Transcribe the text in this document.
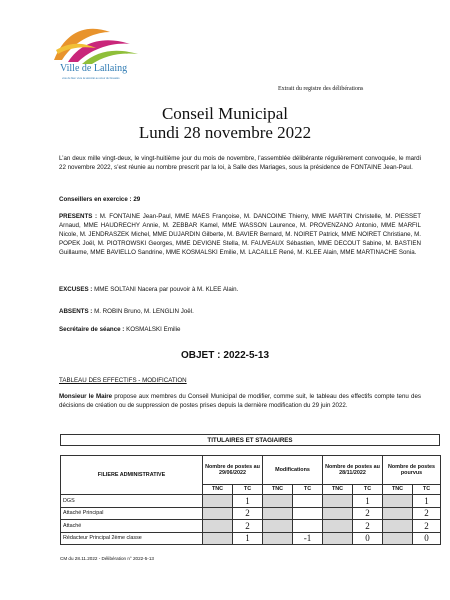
Ville de Lallaing
voie du bien vivre la sérénité au cœur du Douaisis
Extrait du registre des délibérations
Conseil Municipal
Lundi 28 novembre 2022
L’an deux mille vingt-deux, le vingt-huitième jour du mois de novembre, l’assemblée délibérante régulièrement convoquée, le mardi 22 novembre 2022, s’est réunie au nombre prescrit par la loi, à Salle des Mariages, sous la présidence de FONTAINE Jean-Paul.
Conseillers en exercice : 29
PRESENTS : M. FONTAINE Jean-Paul, MME MAES Françoise, M. DANCOINE Thierry, MME MARTIN Christelle, M. PIESSET Arnaud, MME HAUDRECHY Annie, M. ZEBBAR Kamel, MME WASSON Laurence, M. PROVENZANO Antonio, MME MARFIL Nicole, M. JENDRASZEK Michel, MME DUJARDIN Gilberte, M. BAVIER Bernard, M. NOIRET Patrick, MME NOIRET Christiane, M. POPEK Joël, M. PIOTROWSKI Georges, MME DEVIGNE Stella, M. FAUVEAUX Sébastien, MME DECOUT Sabine, M. BASTIEN Guillaume, MME BAVIELLO Sandrine, MME KOSMALSKI Emilie, M. LACAILLE René, M. KLEE Alain, MME MARTINACHE Sonia.
EXCUSES : MME SOLTANI Nacera par pouvoir à M. KLEE Alain.
ABSENTS : M. ROBIN Bruno, M. LENGLIN Joël.
Secrétaire de séance : KOSMALSKI Emilie
OBJET : 2022-5-13
TABLEAU DES EFFECTIFS - MODIFICATION
Monsieur le Maire propose aux membres du Conseil Municipal de modifier, comme suit, le tableau des effectifs compte tenu des décisions de création ou de suppression de postes prises depuis la dernière modification du 29 juin 2022.
TITULAIRES ET STAGIAIRES
FILIERE ADMINISTRATIVE	Nombre de postes au 29/06/2022		Modifications		Nombre de postes au 28/11/2022		Nombre de postes pourvus	
	TNC	TC	TNC	TC	TNC	TC	TNC	TC
DGS		1				1		1
Attaché Principal		2				2		2
Attaché		2				2		2
Rédacteur Principal 2ème classe		1		-1		0		0
CM du 28.11.2022 - Délibération n° 2022-5-13
